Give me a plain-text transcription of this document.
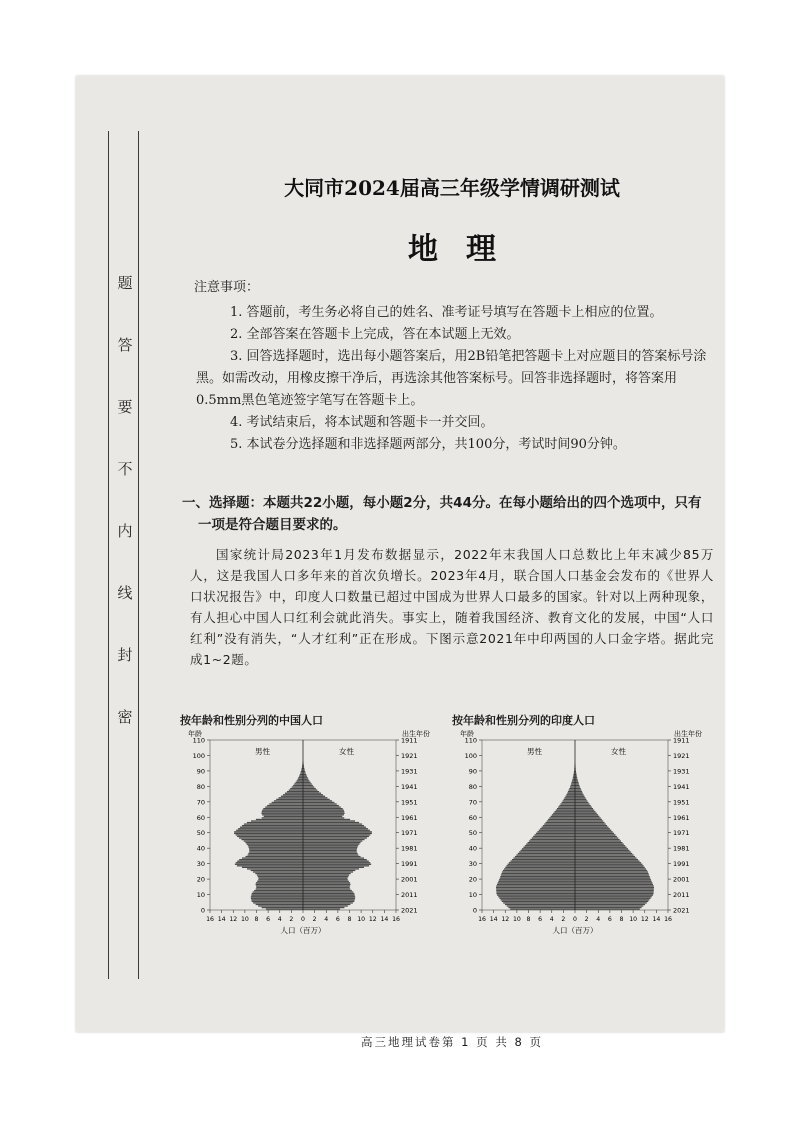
题
答
要
不
内
线
封
密
大同市2024届高三年级学情调研测试
地理
注意事项：
1. 答题前，考生务必将自己的姓名、准考证号填写在答题卡上相应的位置。
2. 全部答案在答题卡上完成，答在本试题上无效。
3. 回答选择题时，选出每小题答案后，用2B铅笔把答题卡上对应题目的答案标号涂黑。如需改动，用橡皮擦干净后，再选涂其他答案标号。回答非选择题时，将答案用0.5mm黑色笔迹签字笔写在答题卡上。
4. 考试结束后，将本试题和答题卡一并交回。
5. 本试卷分选择题和非选择题两部分，共100分，考试时间90分钟。
一、选择题：本题共22小题，每小题2分，共44分。在每小题给出的四个选项中，只有
一项是符合题目要求的。
国家统计局2023年1月发布数据显示，2022年末我国人口总数比上年末减少85万人，这是我国人口多年来的首次负增长。2023年4月，联合国人口基金会发布的《世界人口状况报告》中，印度人口数量已超过中国成为世界人口最多的国家。针对以上两种现象，有人担心中国人口红利会就此消失。事实上，随着我国经济、教育文化的发展，中国“人口红利”没有消失，“人才红利”正在形成。下图示意2021年中印两国的人口金字塔。据此完成1~2题。
按年龄和性别分列的中国人口
年龄	出生年份
男性	女性
0
10
20
30
40
50
60
70
80
90
100
110
2021
2011
2001
1991
1981
1971
1961
1951
1941
1931
1921
1911
16 14 12 10 8 6 4 2 0 2 4 6 8 10 12 14 16
人口（百万）
按年龄和性别分列的印度人口
年龄	出生年份
男性	女性
0
10
20
30
40
50
60
70
80
90
100
110
2021
2011
2001
1991
1981
1971
1961
1951
1941
1931
1921
1911
16 14 12 10 8 6 4 2 0 2 4 6 8 10 12 14 16
人口（百万）
高三地理试卷第 1 页 共 8 页
